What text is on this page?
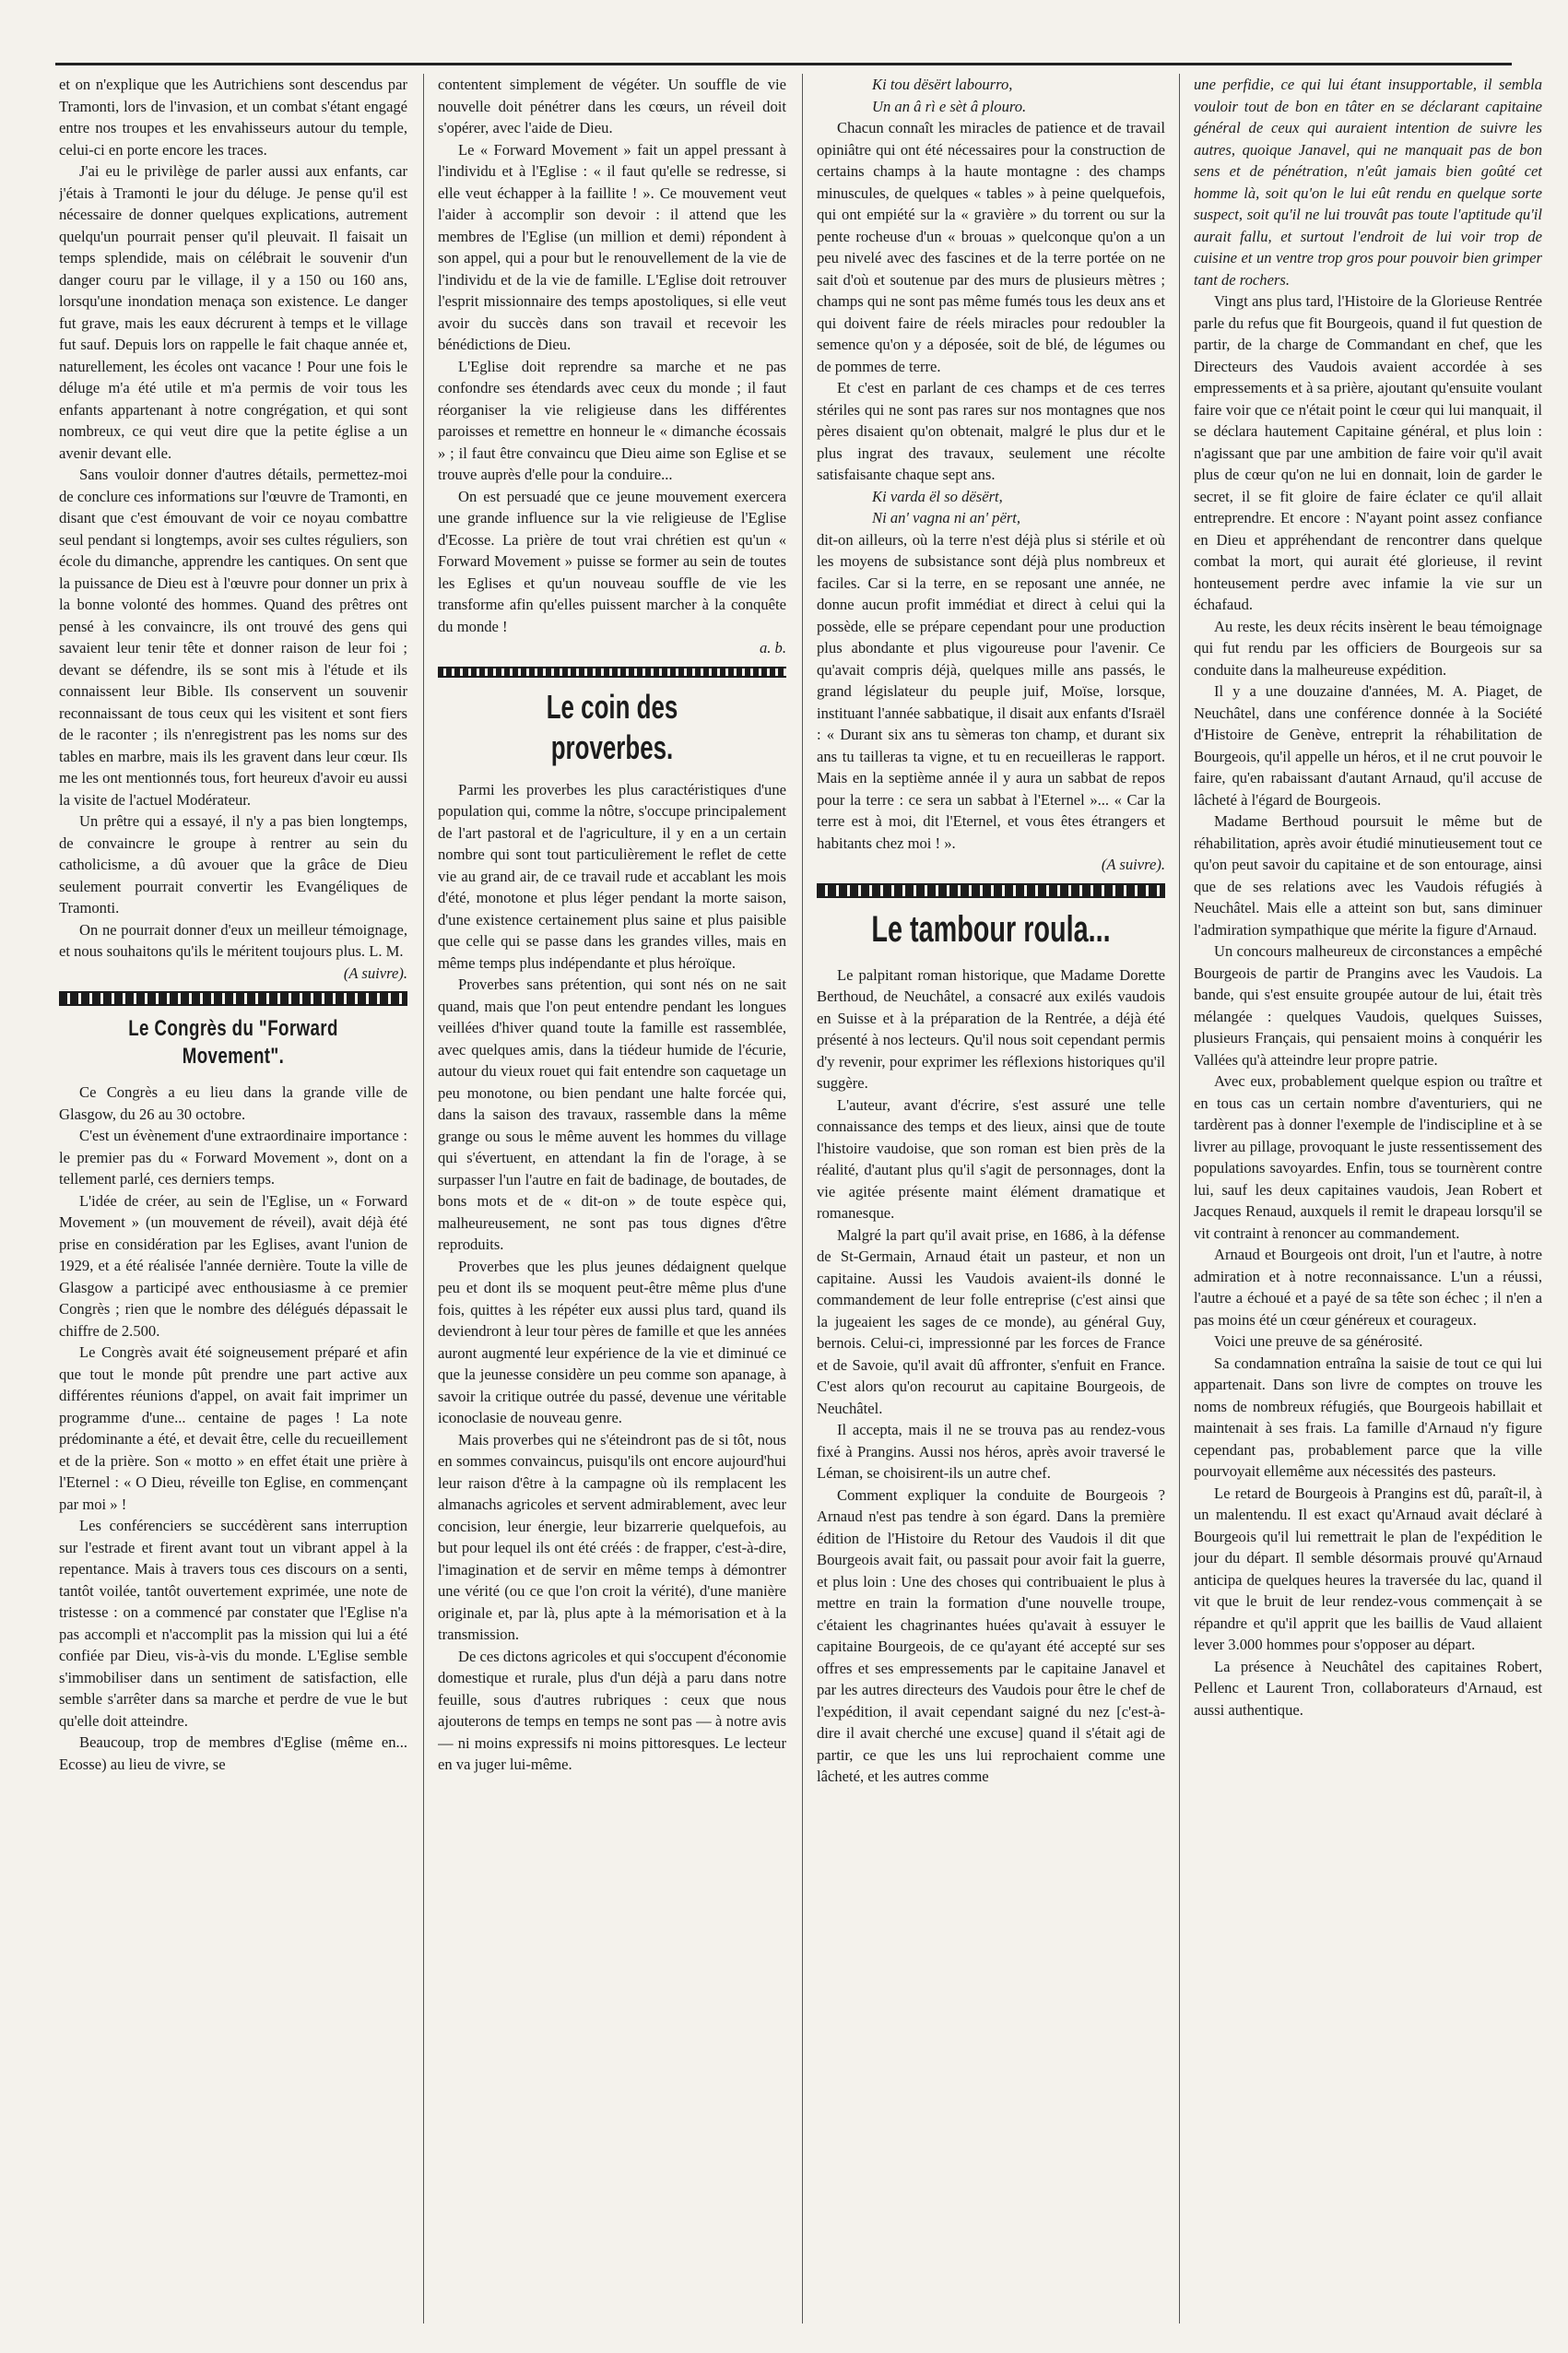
et on n'explique que les Autrichiens sont descendus par Tramonti, lors de l'invasion, et un combat s'étant engagé entre nos troupes et les envahisseurs autour du temple, celui-ci en porte encore les traces.

J'ai eu le privilège de parler aussi aux enfants, car j'étais à Tramonti le jour du déluge. Je pense qu'il est nécessaire de donner quelques explications, autrement quelqu'un pourrait penser qu'il pleuvait. Il faisait un temps splendide, mais on célébrait le souvenir d'un danger couru par le village, il y a 150 ou 160 ans, lorsqu'une inondation menaça son existence. Le danger fut grave, mais les eaux décrurent à temps et le village fut sauf. Depuis lors on rappelle le fait chaque année et, naturellement, les écoles ont vacance ! Pour une fois le déluge m'a été utile et m'a permis de voir tous les enfants appartenant à notre congrégation, et qui sont nombreux, ce qui veut dire que la petite église a un avenir devant elle.

Sans vouloir donner d'autres détails, permettez-moi de conclure ces informations sur l'œuvre de Tramonti, en disant que c'est émouvant de voir ce noyau combattre seul pendant si longtemps, avoir ses cultes réguliers, son école du dimanche, apprendre les cantiques. On sent que la puissance de Dieu est à l'œuvre pour donner un prix à la bonne volonté des hommes. Quand des prêtres ont pensé à les convaincre, ils ont trouvé des gens qui savaient leur tenir tête et donner raison de leur foi ; devant se défendre, ils se sont mis à l'étude et ils connaissent leur Bible. Ils conservent un souvenir reconnaissant de tous ceux qui les visitent et sont fiers de le raconter ; ils n'enregistrent pas les noms sur des tables en marbre, mais ils les gravent dans leur cœur. Ils me les ont mentionnés tous, fort heureux d'avoir eu aussi la visite de l'actuel Modérateur.

Un prêtre qui a essayé, il n'y a pas bien longtemps, de convaincre le groupe à rentrer au sein du catholicisme, a dû avouer que la grâce de Dieu seulement pourrait convertir les Evangéliques de Tramonti.

On ne pourrait donner d'eux un meilleur témoignage, et nous souhaitons qu'ils le méritent toujours plus. L. M.

(A suivre).

Le Congrès du "Forward Movement".

Ce Congrès a eu lieu dans la grande ville de Glasgow, du 26 au 30 octobre.

C'est un évènement d'une extraordinaire importance : le premier pas du « Forward Movement », dont on a tellement parlé, ces derniers temps.

L'idée de créer, au sein de l'Eglise, un « Forward Movement » (un mouvement de réveil), avait déjà été prise en considération par les Eglises, avant l'union de 1929, et a été réalisée l'année dernière. Toute la ville de Glasgow a participé avec enthousiasme à ce premier Congrès ; rien que le nombre des délégués dépassait le chiffre de 2.500.

Le Congrès avait été soigneusement préparé et afin que tout le monde pût prendre une part active aux différentes réunions d'appel, on avait fait imprimer un programme d'une... centaine de pages ! La note prédominante a été, et devait être, celle du recueillement et de la prière. Son « motto » en effet était une prière à l'Eternel : « O Dieu, réveille ton Eglise, en commençant par moi » !

Les conférenciers se succédèrent sans interruption sur l'estrade et firent avant tout un vibrant appel à la repentance. Mais à travers tous ces discours on a senti, tantôt voilée, tantôt ouvertement exprimée, une note de tristesse : on a commencé par constater que l'Eglise n'a pas accompli et n'accomplit pas la mission qui lui a été confiée par Dieu, vis-à-vis du monde. L'Eglise semble s'immobiliser dans un sentiment de satisfaction, elle semble s'arrêter dans sa marche et perdre de vue le but qu'elle doit atteindre.

Beaucoup, trop de membres d'Eglise (même en... Ecosse) au lieu de vivre, se

contentent simplement de végéter. Un souffle de vie nouvelle doit pénétrer dans les cœurs, un réveil doit s'opérer, avec l'aide de Dieu.

Le « Forward Movement » fait un appel pressant à l'individu et à l'Eglise : « il faut qu'elle se redresse, si elle veut échapper à la faillite ! ». Ce mouvement veut l'aider à accomplir son devoir : il attend que les membres de l'Eglise (un million et demi) répondent à son appel, qui a pour but le renouvellement de la vie de l'individu et de la vie de famille. L'Eglise doit retrouver l'esprit missionnaire des temps apostoliques, si elle veut avoir du succès dans son travail et recevoir les bénédictions de Dieu.

L'Eglise doit reprendre sa marche et ne pas confondre ses étendards avec ceux du monde ; il faut réorganiser la vie religieuse dans les différentes paroisses et remettre en honneur le « dimanche écossais » ; il faut être convaincu que Dieu aime son Eglise et se trouve auprès d'elle pour la conduire...

On est persuadé que ce jeune mouvement exercera une grande influence sur la vie religieuse de l'Eglise d'Ecosse. La prière de tout vrai chrétien est qu'un « Forward Movement » puisse se former au sein de toutes les Eglises et qu'un nouveau souffle de vie les transforme afin qu'elles puissent marcher à la conquête du monde !

a. b.

Le coin des proverbes.

Parmi les proverbes les plus caractéristiques d'une population qui, comme la nôtre, s'occupe principalement de l'art pastoral et de l'agriculture, il y en a un certain nombre qui sont tout particulièrement le reflet de cette vie au grand air, de ce travail rude et accablant les mois d'été, monotone et plus léger pendant la morte saison, d'une existence certainement plus saine et plus paisible que celle qui se passe dans les grandes villes, mais en même temps plus indépendante et plus héroïque.

Proverbes sans prétention, qui sont nés on ne sait quand, mais que l'on peut entendre pendant les longues veillées d'hiver quand toute la famille est rassemblée, avec quelques amis, dans la tiédeur humide de l'écurie, autour du vieux rouet qui fait entendre son caquetage un peu monotone, ou bien pendant une halte forcée qui, dans la saison des travaux, rassemble dans la même grange ou sous le même auvent les hommes du village qui s'évertuent, en attendant la fin de l'orage, à se surpasser l'un l'autre en fait de badinage, de boutades, de bons mots et de « dit-on » de toute espèce qui, malheureusement, ne sont pas tous dignes d'être reproduits.

Proverbes que les plus jeunes dédaignent quelque peu et dont ils se moquent peut-être même plus d'une fois, quittes à les répéter eux aussi plus tard, quand ils deviendront à leur tour pères de famille et que les années auront augmenté leur expérience de la vie et diminué ce que la jeunesse considère un peu comme son apanage, à savoir la critique outrée du passé, devenue une véritable iconoclasie de nouveau genre.

Mais proverbes qui ne s'éteindront pas de si tôt, nous en sommes convaincus, puisqu'ils ont encore aujourd'hui leur raison d'être à la campagne où ils remplacent les almanachs agricoles et servent admirablement, avec leur concision, leur énergie, leur bizarrerie quelquefois, au but pour lequel ils ont été créés : de frapper, c'est-à-dire, l'imagination et de servir en même temps à démontrer une vérité (ou ce que l'on croit la vérité), d'une manière originale et, par là, plus apte à la mémorisation et à la transmission.

De ces dictons agricoles et qui s'occupent d'économie domestique et rurale, plus d'un déjà a paru dans notre feuille, sous d'autres rubriques : ceux que nous ajouterons de temps en temps ne sont pas — à notre avis — ni moins expressifs ni moins pittoresques. Le lecteur en va juger lui-même.

Ki tou dësërt labourro,

Un an â rì e sèt â plouro.

Chacun connaît les miracles de patience et de travail opiniâtre qui ont été nécessaires pour la construction de certains champs à la haute montagne : des champs minuscules, de quelques « tables » à peine quelquefois, qui ont empiété sur la « gravière » du torrent ou sur la pente rocheuse d'un « brouas » quelconque qu'on a un peu nivelé avec des fascines et de la terre portée on ne sait d'où et soutenue par des murs de plusieurs mètres ; champs qui ne sont pas même fumés tous les deux ans et qui doivent faire de réels miracles pour redoubler la semence qu'on y a déposée, soit de blé, de légumes ou de pommes de terre.

Et c'est en parlant de ces champs et de ces terres stériles qui ne sont pas rares sur nos montagnes que nos pères disaient qu'on obtenait, malgré le plus dur et le plus ingrat des travaux, seulement une récolte satisfaisante chaque sept ans.

Ki varda ël so dësërt,

Ni an' vagna ni an' përt,

dit-on ailleurs, où la terre n'est déjà plus si stérile et où les moyens de subsistance sont déjà plus nombreux et faciles. Car si la terre, en se reposant une année, ne donne aucun profit immédiat et direct à celui qui la possède, elle se prépare cependant pour une production plus abondante et plus vigoureuse pour l'avenir. Ce qu'avait compris déjà, quelques mille ans passés, le grand législateur du peuple juif, Moïse, lorsque, instituant l'année sabbatique, il disait aux enfants d'Israël : « Durant six ans tu sèmeras ton champ, et durant six ans tu tailleras ta vigne, et tu en recueilleras le rapport. Mais en la septième année il y aura un sabbat de repos pour la terre : ce sera un sabbat à l'Eternel »... « Car la terre est à moi, dit l'Eternel, et vous êtes étrangers et habitants chez moi ! ».

(A suivre).

Le tambour roula...

Le palpitant roman historique, que Madame Dorette Berthoud, de Neuchâtel, a consacré aux exilés vaudois en Suisse et à la préparation de la Rentrée, a déjà été présenté à nos lecteurs. Qu'il nous soit cependant permis d'y revenir, pour exprimer les réflexions historiques qu'il suggère.

L'auteur, avant d'écrire, s'est assuré une telle connaissance des temps et des lieux, ainsi que de toute l'histoire vaudoise, que son roman est bien près de la réalité, d'autant plus qu'il s'agit de personnages, dont la vie agitée présente maint élément dramatique et romanesque.

Malgré la part qu'il avait prise, en 1686, à la défense de St-Germain, Arnaud était un pasteur, et non un capitaine. Aussi les Vaudois avaient-ils donné le commandement de leur folle entreprise (c'est ainsi que la jugeaient les sages de ce monde), au général Guy, bernois. Celui-ci, impressionné par les forces de France et de Savoie, qu'il avait dû affronter, s'enfuit en France. C'est alors qu'on recourut au capitaine Bourgeois, de Neuchâtel.

Il accepta, mais il ne se trouva pas au rendez-vous fixé à Prangins. Aussi nos héros, après avoir traversé le Léman, se choisirent-ils un autre chef.

Comment expliquer la conduite de Bourgeois ? Arnaud n'est pas tendre à son égard. Dans la première édition de l'Histoire du Retour des Vaudois il dit que Bourgeois avait fait, ou passait pour avoir fait la guerre, et plus loin : Une des choses qui contribuaient le plus à mettre en train la formation d'une nouvelle troupe, c'étaient les chagrinantes huées qu'avait à essuyer le capitaine Bourgeois, de ce qu'ayant été accepté sur ses offres et ses empressements par le capitaine Janavel et par les autres directeurs des Vaudois pour être le chef de l'expédition, il avait cependant saigné du nez [c'est-à-dire il avait cherché une excuse] quand il s'était agi de partir, ce que les uns lui reprochaient comme une lâcheté, et les autres comme

une perfidie, ce qui lui étant insupportable, il sembla vouloir tout de bon en tâter en se déclarant capitaine général de ceux qui auraient intention de suivre les autres, quoique Janavel, qui ne manquait pas de bon sens et de pénétration, n'eût jamais bien goûté cet homme là, soit qu'on le lui eût rendu en quelque sorte suspect, soit qu'il ne lui trouvât pas toute l'aptitude qu'il aurait fallu, et surtout l'endroit de lui voir trop de cuisine et un ventre trop gros pour pouvoir bien grimper tant de rochers.

Vingt ans plus tard, l'Histoire de la Glorieuse Rentrée parle du refus que fit Bourgeois, quand il fut question de partir, de la charge de Commandant en chef, que les Directeurs des Vaudois avaient accordée à ses empressements et à sa prière, ajoutant qu'ensuite voulant faire voir que ce n'était point le cœur qui lui manquait, il se déclara hautement Capitaine général, et plus loin : n'agissant que par une ambition de faire voir qu'il avait plus de cœur qu'on ne lui en donnait, loin de garder le secret, il se fit gloire de faire éclater ce qu'il allait entreprendre. Et encore : N'ayant point assez confiance en Dieu et appréhendant de rencontrer dans quelque combat la mort, qui aurait été glorieuse, il revint honteusement perdre avec infamie la vie sur un échafaud.

Au reste, les deux récits insèrent le beau témoignage qui fut rendu par les officiers de Bourgeois sur sa conduite dans la malheureuse expédition.

Il y a une douzaine d'années, M. A. Piaget, de Neuchâtel, dans une conférence donnée à la Société d'Histoire de Genève, entreprit la réhabilitation de Bourgeois, qu'il appelle un héros, et il ne crut pouvoir le faire, qu'en rabaissant d'autant Arnaud, qu'il accuse de lâcheté à l'égard de Bourgeois.

Madame Berthoud poursuit le même but de réhabilitation, après avoir étudié minutieusement tout ce qu'on peut savoir du capitaine et de son entourage, ainsi que de ses relations avec les Vaudois réfugiés à Neuchâtel. Mais elle a atteint son but, sans diminuer l'admiration sympathique que mérite la figure d'Arnaud.

Un concours malheureux de circonstances a empêché Bourgeois de partir de Prangins avec les Vaudois. La bande, qui s'est ensuite groupée autour de lui, était très mélangée : quelques Vaudois, quelques Suisses, plusieurs Français, qui pensaient moins à conquérir les Vallées qu'à atteindre leur propre patrie.

Avec eux, probablement quelque espion ou traître et en tous cas un certain nombre d'aventuriers, qui ne tardèrent pas à donner l'exemple de l'indiscipline et à se livrer au pillage, provoquant le juste ressentissement des populations savoyardes. Enfin, tous se tournèrent contre lui, sauf les deux capitaines vaudois, Jean Robert et Jacques Renaud, auxquels il remit le drapeau lorsqu'il se vit contraint à renoncer au commandement.

Arnaud et Bourgeois ont droit, l'un et l'autre, à notre admiration et à notre reconnaissance. L'un a réussi, l'autre a échoué et a payé de sa tête son échec ; il n'en a pas moins été un cœur généreux et courageux.

Voici une preuve de sa générosité.

Sa condamnation entraîna la saisie de tout ce qui lui appartenait. Dans son livre de comptes on trouve les noms de nombreux réfugiés, que Bourgeois habillait et maintenait à ses frais. La famille d'Arnaud n'y figure cependant pas, probablement parce que la ville pourvoyait ellemême aux nécessités des pasteurs.

Le retard de Bourgeois à Prangins est dû, paraît-il, à un malentendu. Il est exact qu'Arnaud avait déclaré à Bourgeois qu'il lui remettrait le plan de l'expédition le jour du départ. Il semble désormais prouvé qu'Arnaud anticipa de quelques heures la traversée du lac, quand il vit que le bruit de leur rendez-vous commençait à se répandre et qu'il apprit que les baillis de Vaud allaient lever 3.000 hommes pour s'opposer au départ.

La présence à Neuchâtel des capitaines Robert, Pellenc et Laurent Tron, collaborateurs d'Arnaud, est aussi authentique.
